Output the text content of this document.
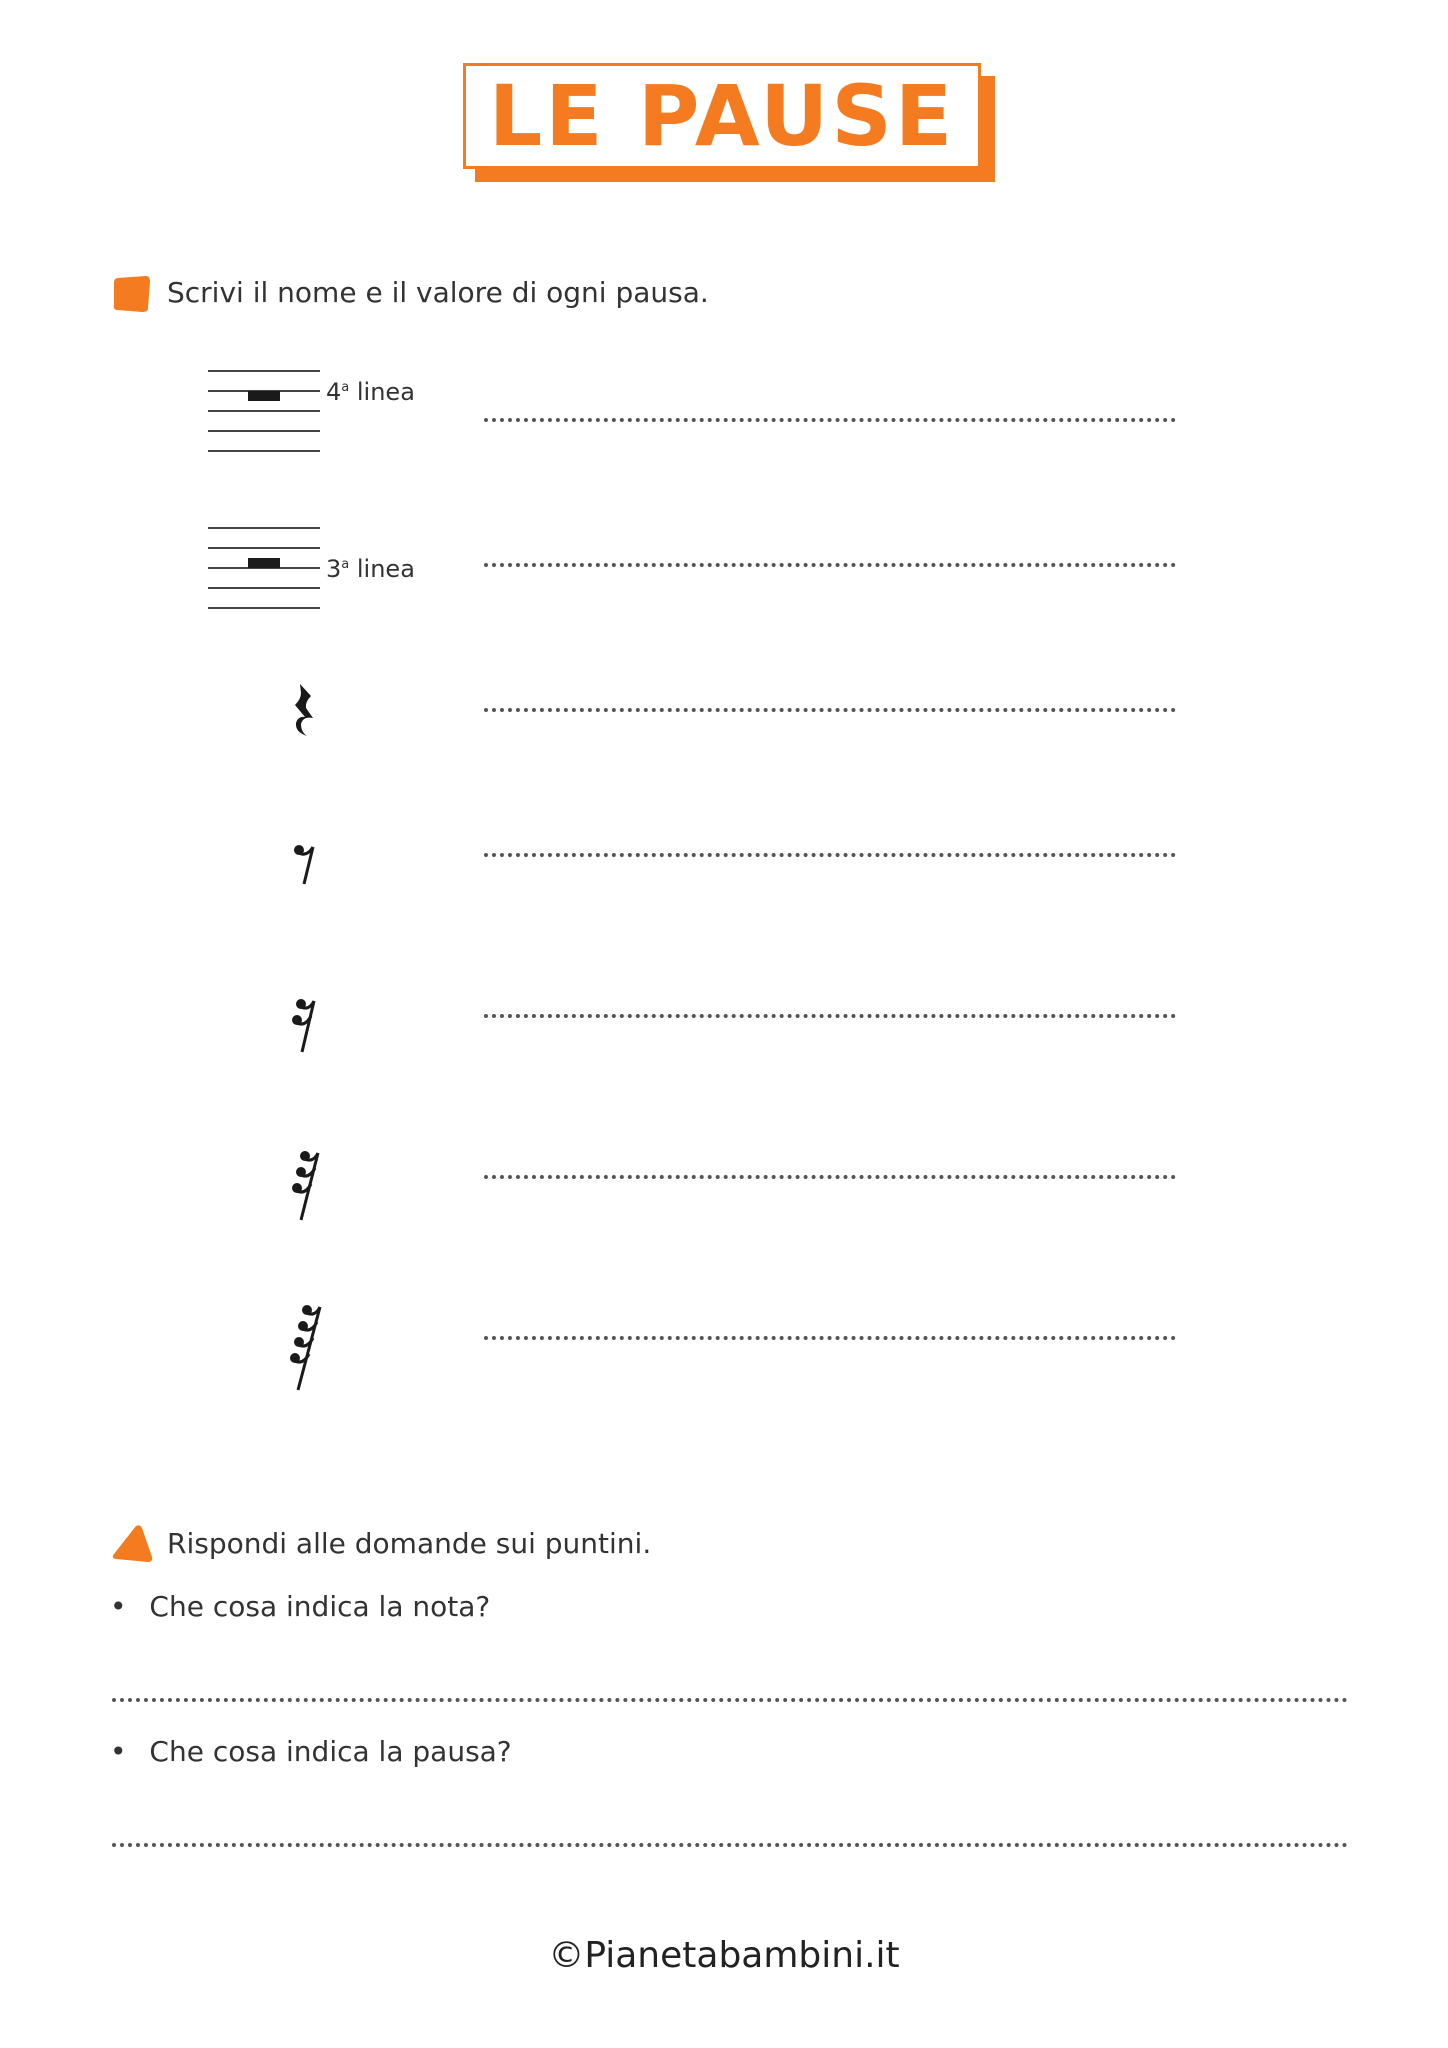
LE PAUSE
Scrivi il nome e il valore di ogni pausa.
4$^a$ linea
3$^a$ linea
Rispondi alle domande sui puntini.
• Che cosa indica la nota?
• Che cosa indica la pausa?
©Pianetabambini.it
